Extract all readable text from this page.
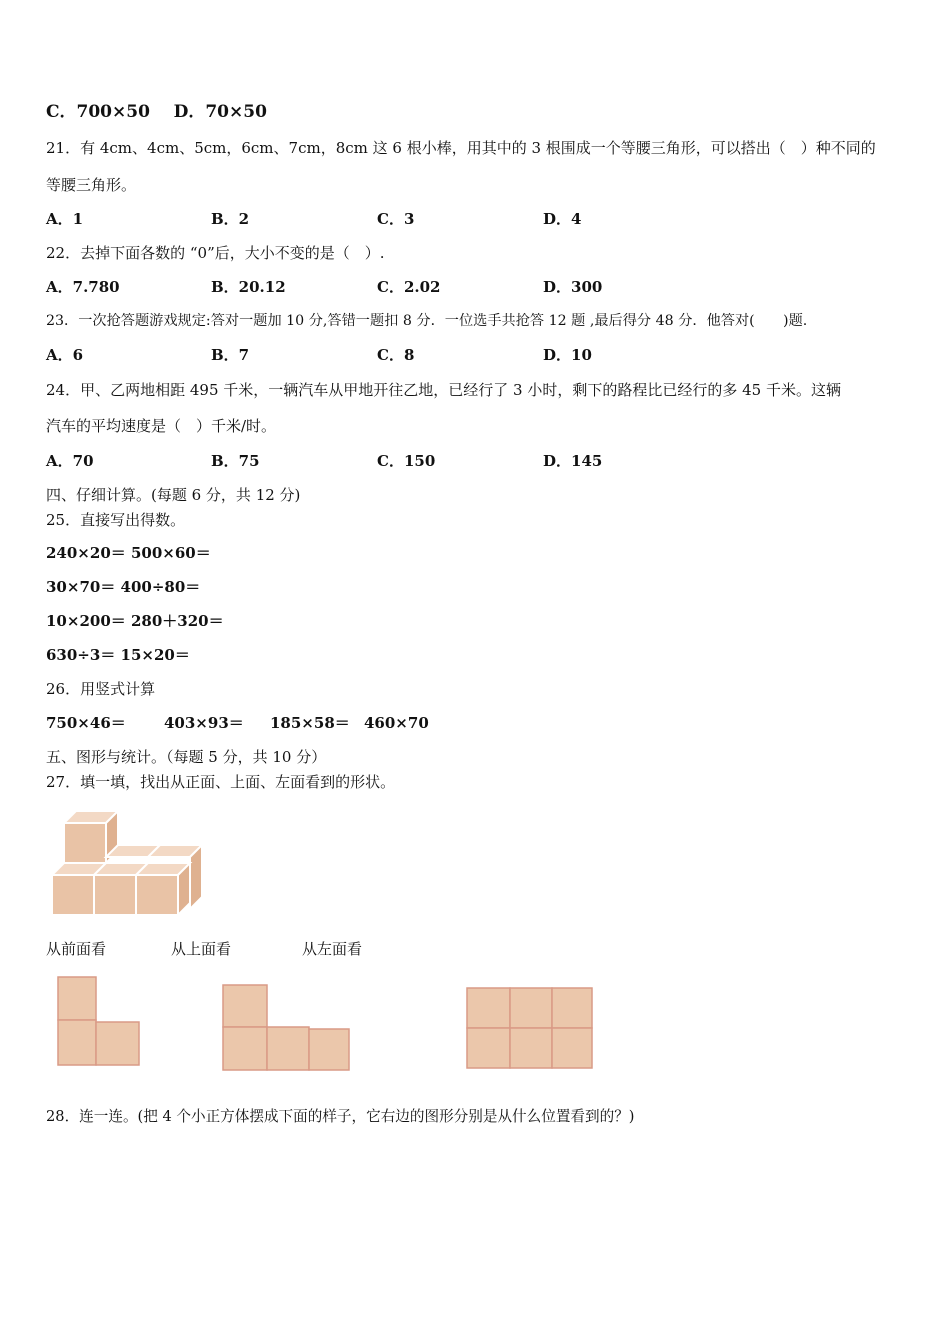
C．700×50 D．70×50
21．有 4cm、4cm、5cm，6cm、7cm，8cm 这 6 根小棒，用其中的 3 根围成一个等腰三角形，可以搭出（　）种不同的
等腰三角形。
A．1	B．2	C．3	D．4
22．去掉下面各数的 “0”后，大小不变的是（　）.
A．7.780	B．20.12	C．2.02	D．300
23．一次抢答题游戏规定:答对一题加 10 分,答错一题扣 8 分．一位选手共抢答 12 题 ,最后得分 48 分．他答对(　　)题.
A．6	B．7	C．8	D．10
24．甲、乙两地相距 495 千米，一辆汽车从甲地开往乙地，已经行了 3 小时，剩下的路程比已经行的多 45 千米。这辆
汽车的平均速度是（　）千米/时。
A．70	B．75	C．150	D．145
四、仔细计算。(每题 6 分，共 12 分)
25．直接写出得数。
240×20＝ 500×60＝
30×70＝ 400÷80＝
10×200＝ 280＋320＝
630÷3＝ 15×20＝
26．用竖式计算
750×46＝	403×93＝ 185×58＝ 460×70
五、图形与统计。（每题 5 分，共 10 分）
27．填一填，找出从正面、上面、左面看到的形状。
从前面看	从上面看	从左面看
28．连一连。(把 4 个小正方体摆成下面的样子，它右边的图形分别是从什么位置看到的？)
